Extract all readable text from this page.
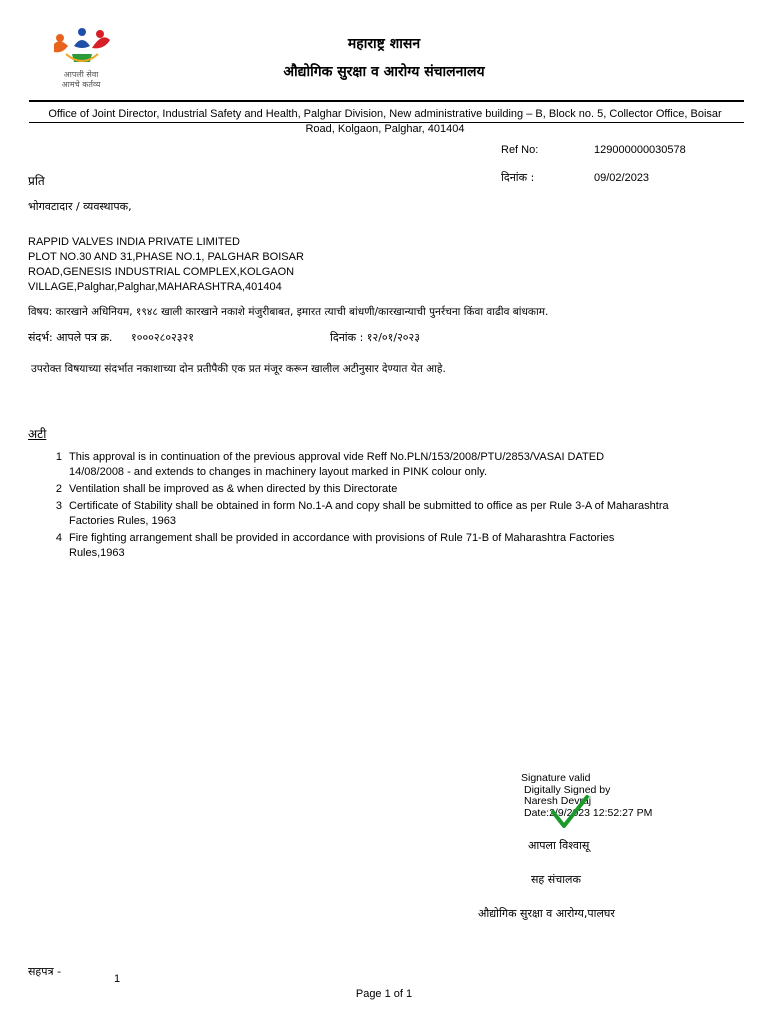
आपली सेवा
आमचे कर्तव्य
महाराष्ट्र शासन
औद्योगिक सुरक्षा व आरोग्य संचालनालय
Office of Joint Director, Industrial Safety and Health, Palghar Division, New administrative building – B, Block no. 5, Collector Office, Boisar Road, Kolgaon, Palghar, 401404
Ref No:	129000000030578
दिनांक :	09/02/2023
प्रति
भोगवटादार / व्यवस्थापक,
RAPPID VALVES INDIA PRIVATE LIMITED
PLOT NO.30 AND 31,PHASE NO.1, PALGHAR BOISAR
ROAD,GENESIS INDUSTRIAL COMPLEX,KOLGAON
VILLAGE,Palghar,Palghar,MAHARASHTRA,401404
विषय: कारखाने अधिनियम, १९४८ खाली कारखाने नकाशे मंजुरीबाबत, इमारत त्याची बांधणी/कारखान्याची पुनर्रचना किंवा वाढीव बांधकाम.
संदर्भ: आपले पत्र क्र. १०००२८०२३२१	दिनांक : १२/०१/२०२३
उपरोक्त विषयाच्या संदर्भात नकाशाच्या दोन प्रतीपैकी एक प्रत मंजूर करून खालील अटीनुसार देण्यात येत आहे.
अटी
1 This approval is in continuation of the previous approval vide Reff No.PLN/153/2008/PTU/2853/VASAI DATED 14/08/2008 - and extends to changes in machinery layout marked in PINK colour only.
2 Ventilation shall be improved as & when directed by this Directorate
3 Certificate of Stability shall be obtained in form No.1-A and copy shall be submitted to office as per Rule 3-A of Maharashtra Factories Rules, 1963
4 Fire fighting arrangement shall be provided in accordance with provisions of Rule 71-B of Maharashtra Factories Rules,1963
Signature valid
Digitally Signed by
Naresh Devraj
Date:2/9/2023 12:52:27 PM
आपला विश्वासू
सह संचालक
औद्योगिक सुरक्षा व आरोग्य,पालघर
सहपत्र -
1
Page 1 of 1
